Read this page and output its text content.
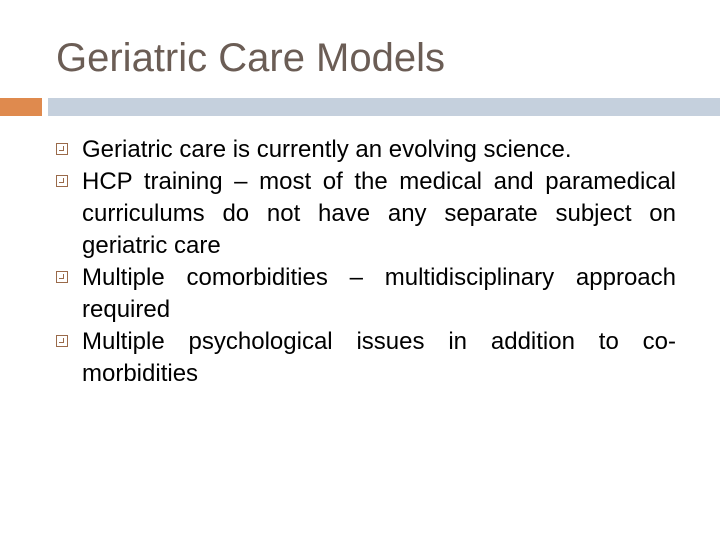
Geriatric Care Models
Geriatric care is currently an evolving science.
HCP training – most of the medical and paramedical curriculums do not have any separate subject on geriatric care
Multiple comorbidities – multidisciplinary approach required
Multiple psychological issues in addition to co-morbidities
